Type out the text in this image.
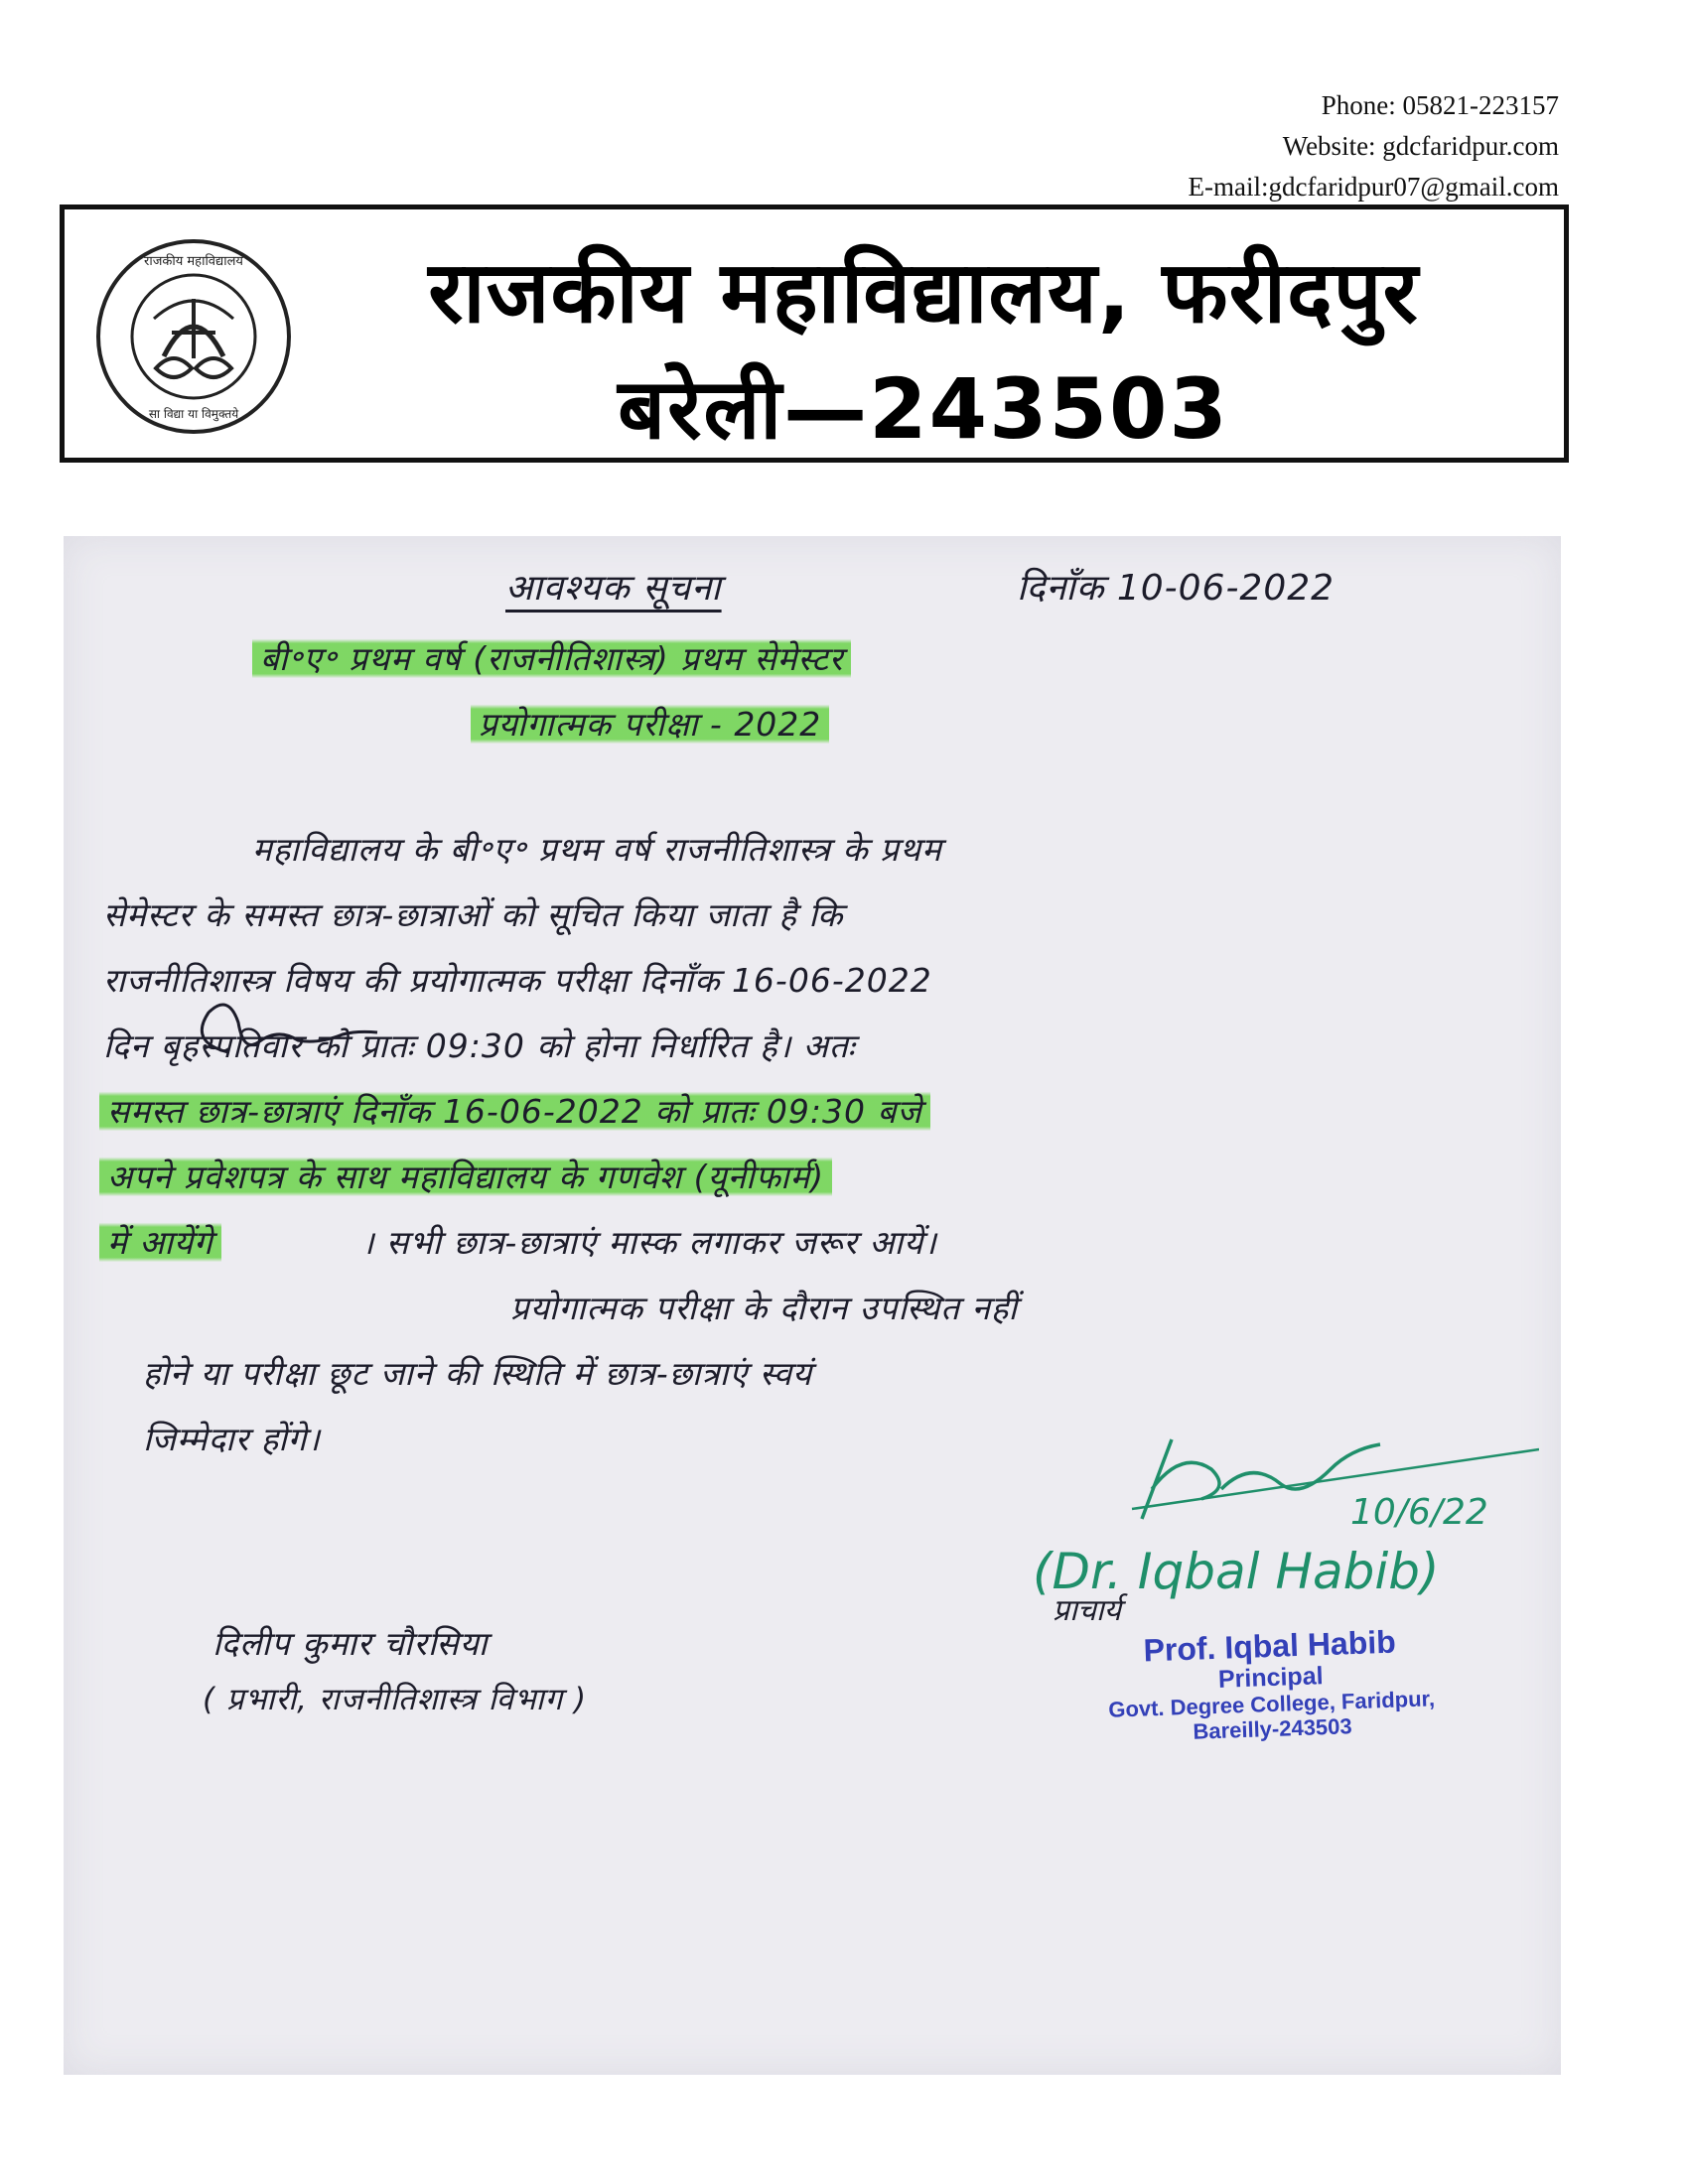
Phone: 05821-223157
Website: gdcfaridpur.com
E-mail:gdcfaridpur07@gmail.com
राजकीय महाविद्यालय
सा विद्या या विमुक्तये
राजकीय महाविद्यालय, फरीदपुर
बरेली—243503
आवश्यक सूचना	दिनाँक 10-06-2022
बी॰ए॰ प्रथम वर्ष (राजनीतिशास्त्र) प्रथम सेमेस्टर
प्रयोगात्मक परीक्षा - 2022
महाविद्यालय के बी॰ए॰ प्रथम वर्ष राजनीतिशास्त्र के प्रथम
सेमेस्टर के समस्त छात्र-छात्राओं को सूचित किया जाता है कि
राजनीतिशास्त्र विषय की प्रयोगात्मक परीक्षा दिनाँक 16-06-2022
दिन बृहस्पतिवार को प्रातः 09:30 को होना निर्धारित है। अतः
समस्त छात्र-छात्राएं दिनाँक 16-06-2022 को प्रातः 09:30 बजे
अपने प्रवेशपत्र के साथ महाविद्यालय के गणवेश (यूनीफार्म)
में आयेंगे	। सभी छात्र-छात्राएं मास्क लगाकर जरूर आयें।
प्रयोगात्मक परीक्षा के दौरान उपस्थित नहीं
होने या परीक्षा छूट जाने की स्थिति में छात्र-छात्राएं स्वयं
जिम्मेदार होंगे।
दिलीप कुमार चौरसिया
( प्रभारी, राजनीतिशास्त्र विभाग )
10/6/22
(Dr. Iqbal Habib)
प्राचार्य
Prof. Iqbal Habib
Principal
Govt. Degree College, Faridpur,
Bareilly-243503
